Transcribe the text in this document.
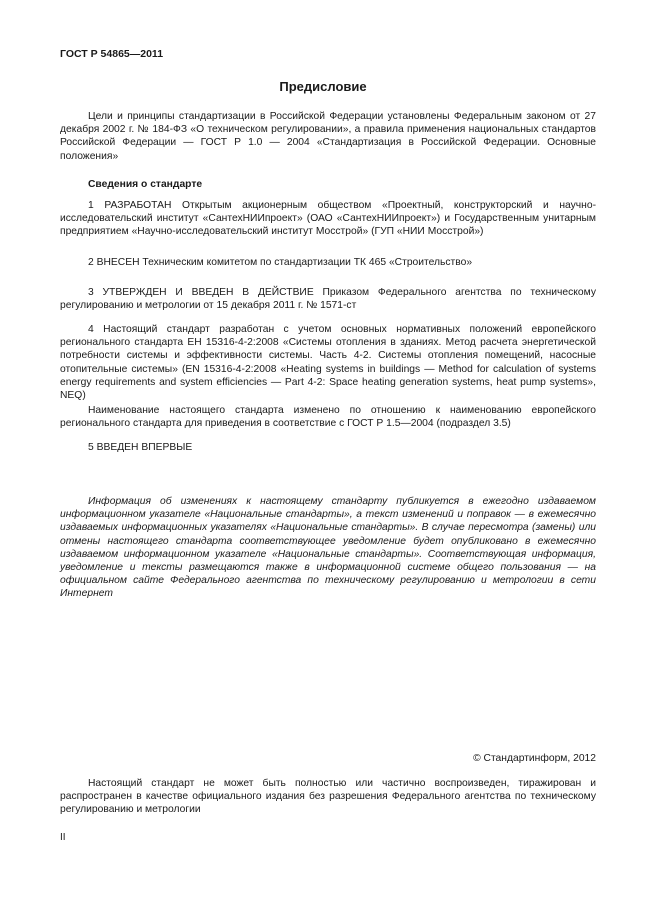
ГОСТ Р 54865—2011
Предисловие

Цели и принципы стандартизации в Российской Федерации установлены Федеральным законом от 27 декабря 2002 г. № 184-ФЗ «О техническом регулировании», а правила применения национальных стандартов Российской Федерации — ГОСТ Р 1.0 — 2004 «Стандартизация в Российской Федерации. Основные положения»

Сведения о стандарте

1 РАЗРАБОТАН Открытым акционерным обществом «Проектный, конструкторский и научно-исследовательский институт «СантехНИИпроект» (ОАО «СантехНИИпроект») и Государственным унитарным предприятием «Научно-исследовательский институт Мосстрой» (ГУП «НИИ Мосстрой»)

2 ВНЕСЕН Техническим комитетом по стандартизации ТК 465 «Строительство»

3 УТВЕРЖДЕН И ВВЕДЕН В ДЕЙСТВИЕ Приказом Федерального агентства по техническому регулированию и метрологии от 15 декабря 2011 г. № 1571-ст

4 Настоящий стандарт разработан с учетом основных нормативных положений европейского регионального стандарта ЕН 15316-4-2:2008 «Системы отопления в зданиях. Метод расчета энергетической потребности системы и эффективности системы. Часть 4-2. Системы отопления помещений, насосные отопительные системы» (EN 15316-4-2:2008 «Heating systems in buildings — Method for calculation of systems energy requirements and system efficiencies — Part 4-2: Space heating generation systems, heat pump systems», NEQ)

Наименование настоящего стандарта изменено по отношению к наименованию европейского регионального стандарта для приведения в соответствие с ГОСТ Р 1.5—2004 (подраздел 3.5)

5 ВВЕДЕН ВПЕРВЫЕ

Информация об изменениях к настоящему стандарту публикуется в ежегодно издаваемом информационном указателе «Национальные стандарты», а текст изменений и поправок — в ежемесячно издаваемых информационных указателях «Национальные стандарты». В случае пересмотра (замены) или отмены настоящего стандарта соответствующее уведомление будет опубликовано в ежемесячно издаваемом информационном указателе «Национальные стандарты». Соответствующая информация, уведомление и тексты размещаются также в информационной системе общего пользования — на официальном сайте Федерального агентства по техническому регулированию и метрологии в сети Интернет

© Стандартинформ, 2012

Настоящий стандарт не может быть полностью или частично воспроизведен, тиражирован и распространен в качестве официального издания без разрешения Федерального агентства по техническому регулированию и метрологии

II
